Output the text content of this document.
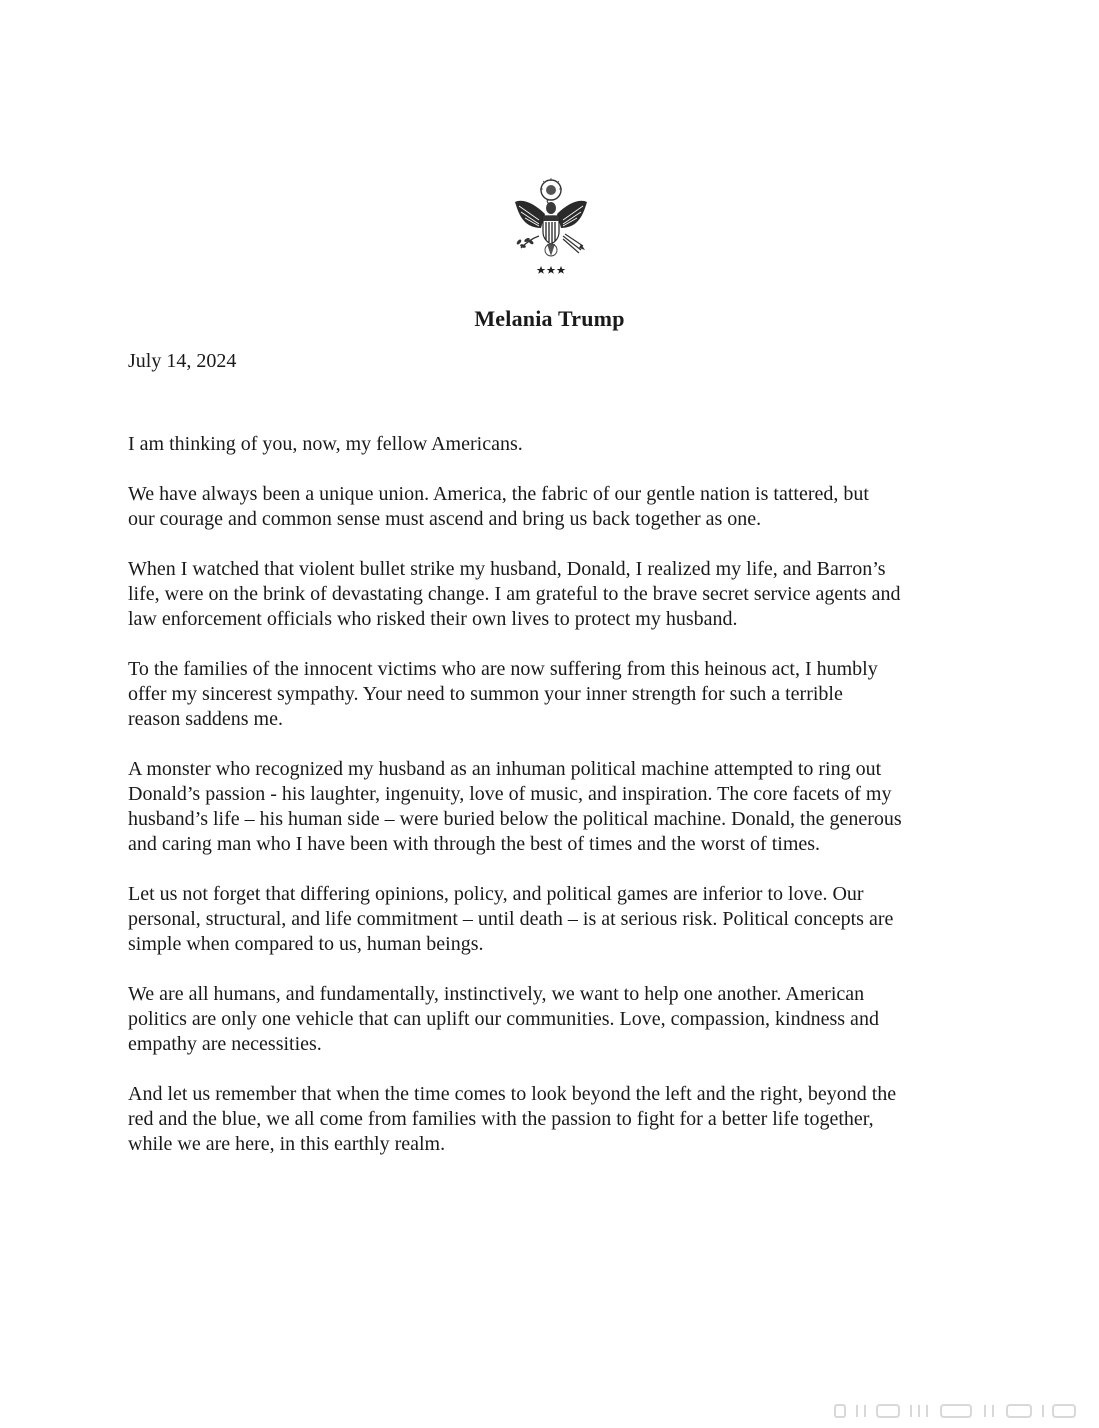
Melania Trump
July 14, 2024

I am thinking of you, now, my fellow Americans.

We have always been a unique union. America, the fabric of our gentle nation is tattered, but
our courage and common sense must ascend and bring us back together as one.

When I watched that violent bullet strike my husband, Donald, I realized my life, and Barron’s
life, were on the brink of devastating change. I am grateful to the brave secret service agents and
law enforcement officials who risked their own lives to protect my husband.

To the families of the innocent victims who are now suffering from this heinous act, I humbly
offer my sincerest sympathy. Your need to summon your inner strength for such a terrible
reason saddens me.

A monster who recognized my husband as an inhuman political machine attempted to ring out
Donald’s passion - his laughter, ingenuity, love of music, and inspiration. The core facets of my
husband’s life – his human side – were buried below the political machine. Donald, the generous
and caring man who I have been with through the best of times and the worst of times.

Let us not forget that differing opinions, policy, and political games are inferior to love. Our
personal, structural, and life commitment – until death – is at serious risk. Political concepts are
simple when compared to us, human beings.

We are all humans, and fundamentally, instinctively, we want to help one another. American
politics are only one vehicle that can uplift our communities. Love, compassion, kindness and
empathy are necessities.

And let us remember that when the time comes to look beyond the left and the right, beyond the
red and the blue, we all come from families with the passion to fight for a better life together,
while we are here, in this earthly realm.
